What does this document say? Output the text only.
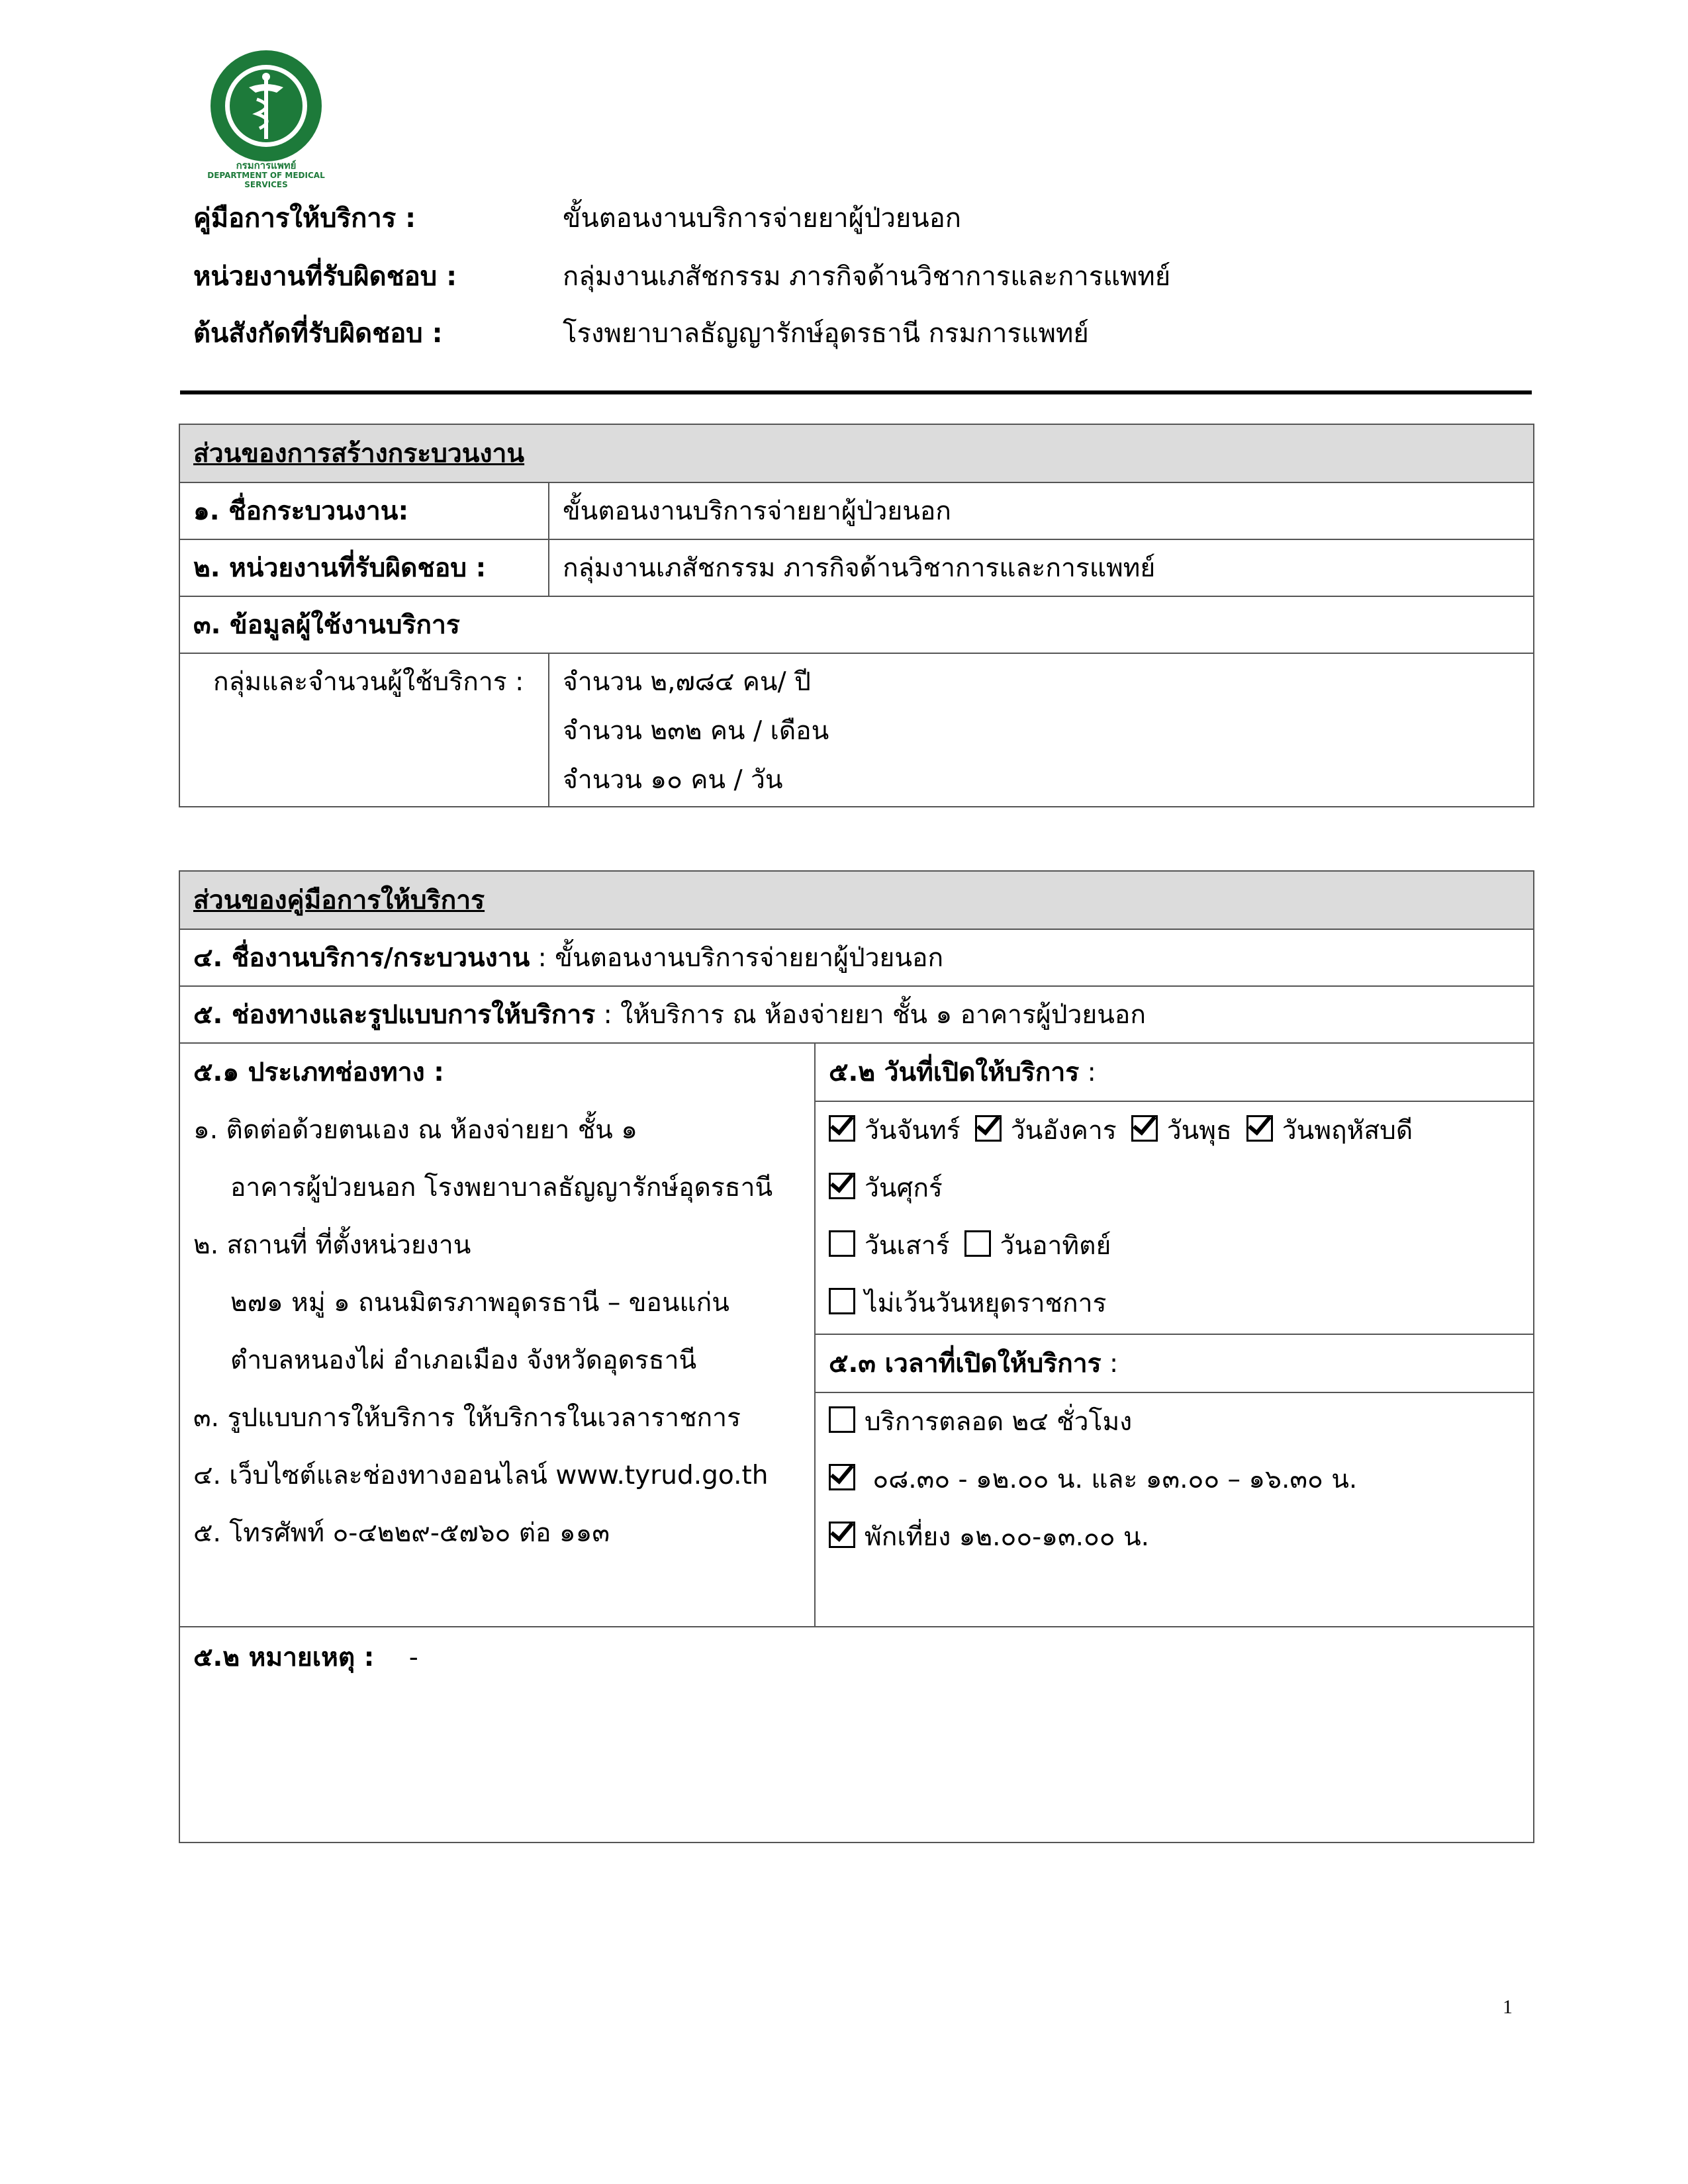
กรมการแพทย์
DEPARTMENT OF MEDICAL SERVICES
คู่มือการให้บริการ :	ขั้นตอนงานบริการจ่ายยาผู้ป่วยนอก
หน่วยงานที่รับผิดชอบ :	กลุ่มงานเภสัชกรรม ภารกิจด้านวิชาการและการแพทย์
ต้นสังกัดที่รับผิดชอบ :	โรงพยาบาลธัญญารักษ์อุดรธานี กรมการแพทย์
ส่วนของการสร้างกระบวนงาน	
๑. ชื่อกระบวนงาน:	ขั้นตอนงานบริการจ่ายยาผู้ป่วยนอก
๒. หน่วยงานที่รับผิดชอบ :	กลุ่มงานเภสัชกรรม ภารกิจด้านวิชาการและการแพทย์
๓. ข้อมูลผู้ใช้งานบริการ	
กลุ่มและจำนวนผู้ใช้บริการ :	จำนวน ๒,๗๘๔ คน/ ปี
จำนวน ๒๓๒ คน / เดือน
จำนวน ๑๐ คน / วัน
ส่วนของคู่มือการให้บริการ
๔. ชื่องานบริการ/กระบวนงาน : ขั้นตอนงานบริการจ่ายยาผู้ป่วยนอก
๕. ช่องทางและรูปแบบการให้บริการ : ให้บริการ ณ ห้องจ่ายยา ชั้น ๑ อาคารผู้ป่วยนอก

๕.๑ ประเภทช่องทาง :
๑. ติดต่อด้วยตนเอง ณ ห้องจ่ายยา ชั้น ๑
อาคารผู้ป่วยนอก โรงพยาบาลธัญญารักษ์อุดรธานี
๒. สถานที่ ที่ตั้งหน่วยงาน
๒๗๑ หมู่ ๑ ถนนมิตรภาพอุดรธานี – ขอนแก่น
ตำบลหนองไผ่ อำเภอเมือง จังหวัดอุดรธานี
๓. รูปแบบการให้บริการ ให้บริการในเวลาราชการ
๔. เว็บไซต์และช่องทางออนไลน์ www.tyrud.go.th
๕. โทรศัพท์ ๐-๔๒๒๙-๕๗๖๐ ต่อ ๑๑๓
	๕.๒ วันที่เปิดให้บริการ :

วันจันทร์ วันอังคาร วันพุธ วันพฤหัสบดี
วันศุกร์
วันเสาร์ วันอาทิตย์
ไม่เว้นวันหยุดราชการ

๕.๓ เวลาที่เปิดให้บริการ :

บริการตลอด ๒๔ ชั่วโมง
๐๘.๓๐ - ๑๒.๐๐ น. และ ๑๓.๐๐ – ๑๖.๓๐ น.
พักเที่ยง ๑๒.๐๐-๑๓.๐๐ น.

๕.๒ หมายเหตุ : -
1
